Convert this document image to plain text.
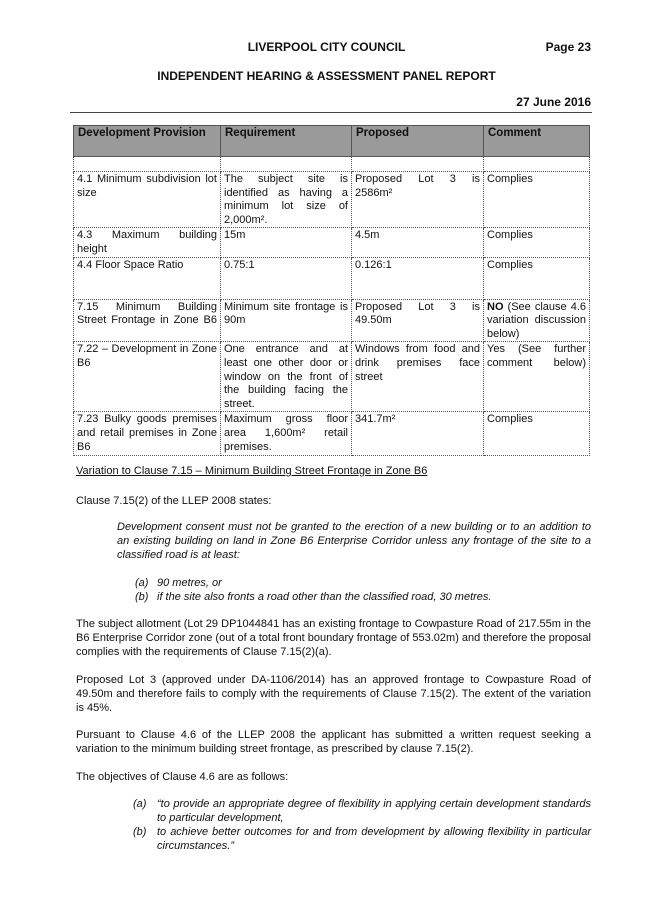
LIVERPOOL CITY COUNCIL	Page 23
INDEPENDENT HEARING & ASSESSMENT PANEL REPORT
27 June 2016
Development Provision	Requirement	Proposed	Comment

4.1 Minimum subdivision lot size	The subject site is identified as having a minimum lot size of 2,000m².	Proposed Lot 3 is 2586m²	Complies
4.3 Maximum building height	15m	4.5m	Complies
4.4 Floor Space Ratio	0.75:1	0.126:1	Complies
7.15 Minimum Building Street Frontage in Zone B6	Minimum site frontage is 90m	Proposed Lot 3 is 49.50m	NO (See clause 4.6 variation discussion below)
7.22 – Development in Zone B6	One entrance and at least one other door or window on the front of the building facing the street.	Windows from food and drink premises face street	Yes (See further comment below)
7.23 Bulky goods premises and retail premises in Zone B6	Maximum gross floor area 1,600m² retail premises.	341.7m²	Complies
Variation to Clause 7.15 – Minimum Building Street Frontage in Zone B6
Clause 7.15(2) of the LLEP 2008 states:
Development consent must not be granted to the erection of a new building or to an addition to an existing building on land in Zone B6 Enterprise Corridor unless any frontage of the site to a classified road is at least:
(a) 90 metres, or
(b) if the site also fronts a road other than the classified road, 30 metres.
The subject allotment (Lot 29 DP1044841 has an existing frontage to Cowpasture Road of 217.55m in the B6 Enterprise Corridor zone (out of a total front boundary frontage of 553.02m) and therefore the proposal complies with the requirements of Clause 7.15(2)(a).
Proposed Lot 3 (approved under DA-1106/2014) has an approved frontage to Cowpasture Road of 49.50m and therefore fails to comply with the requirements of Clause 7.15(2). The extent of the variation is 45%.
Pursuant to Clause 4.6 of the LLEP 2008 the applicant has submitted a written request seeking a variation to the minimum building street frontage, as prescribed by clause 7.15(2).
The objectives of Clause 4.6 are as follows:
(a) “to provide an appropriate degree of flexibility in applying certain development standards to particular development,
(b) to achieve better outcomes for and from development by allowing flexibility in particular circumstances.”
